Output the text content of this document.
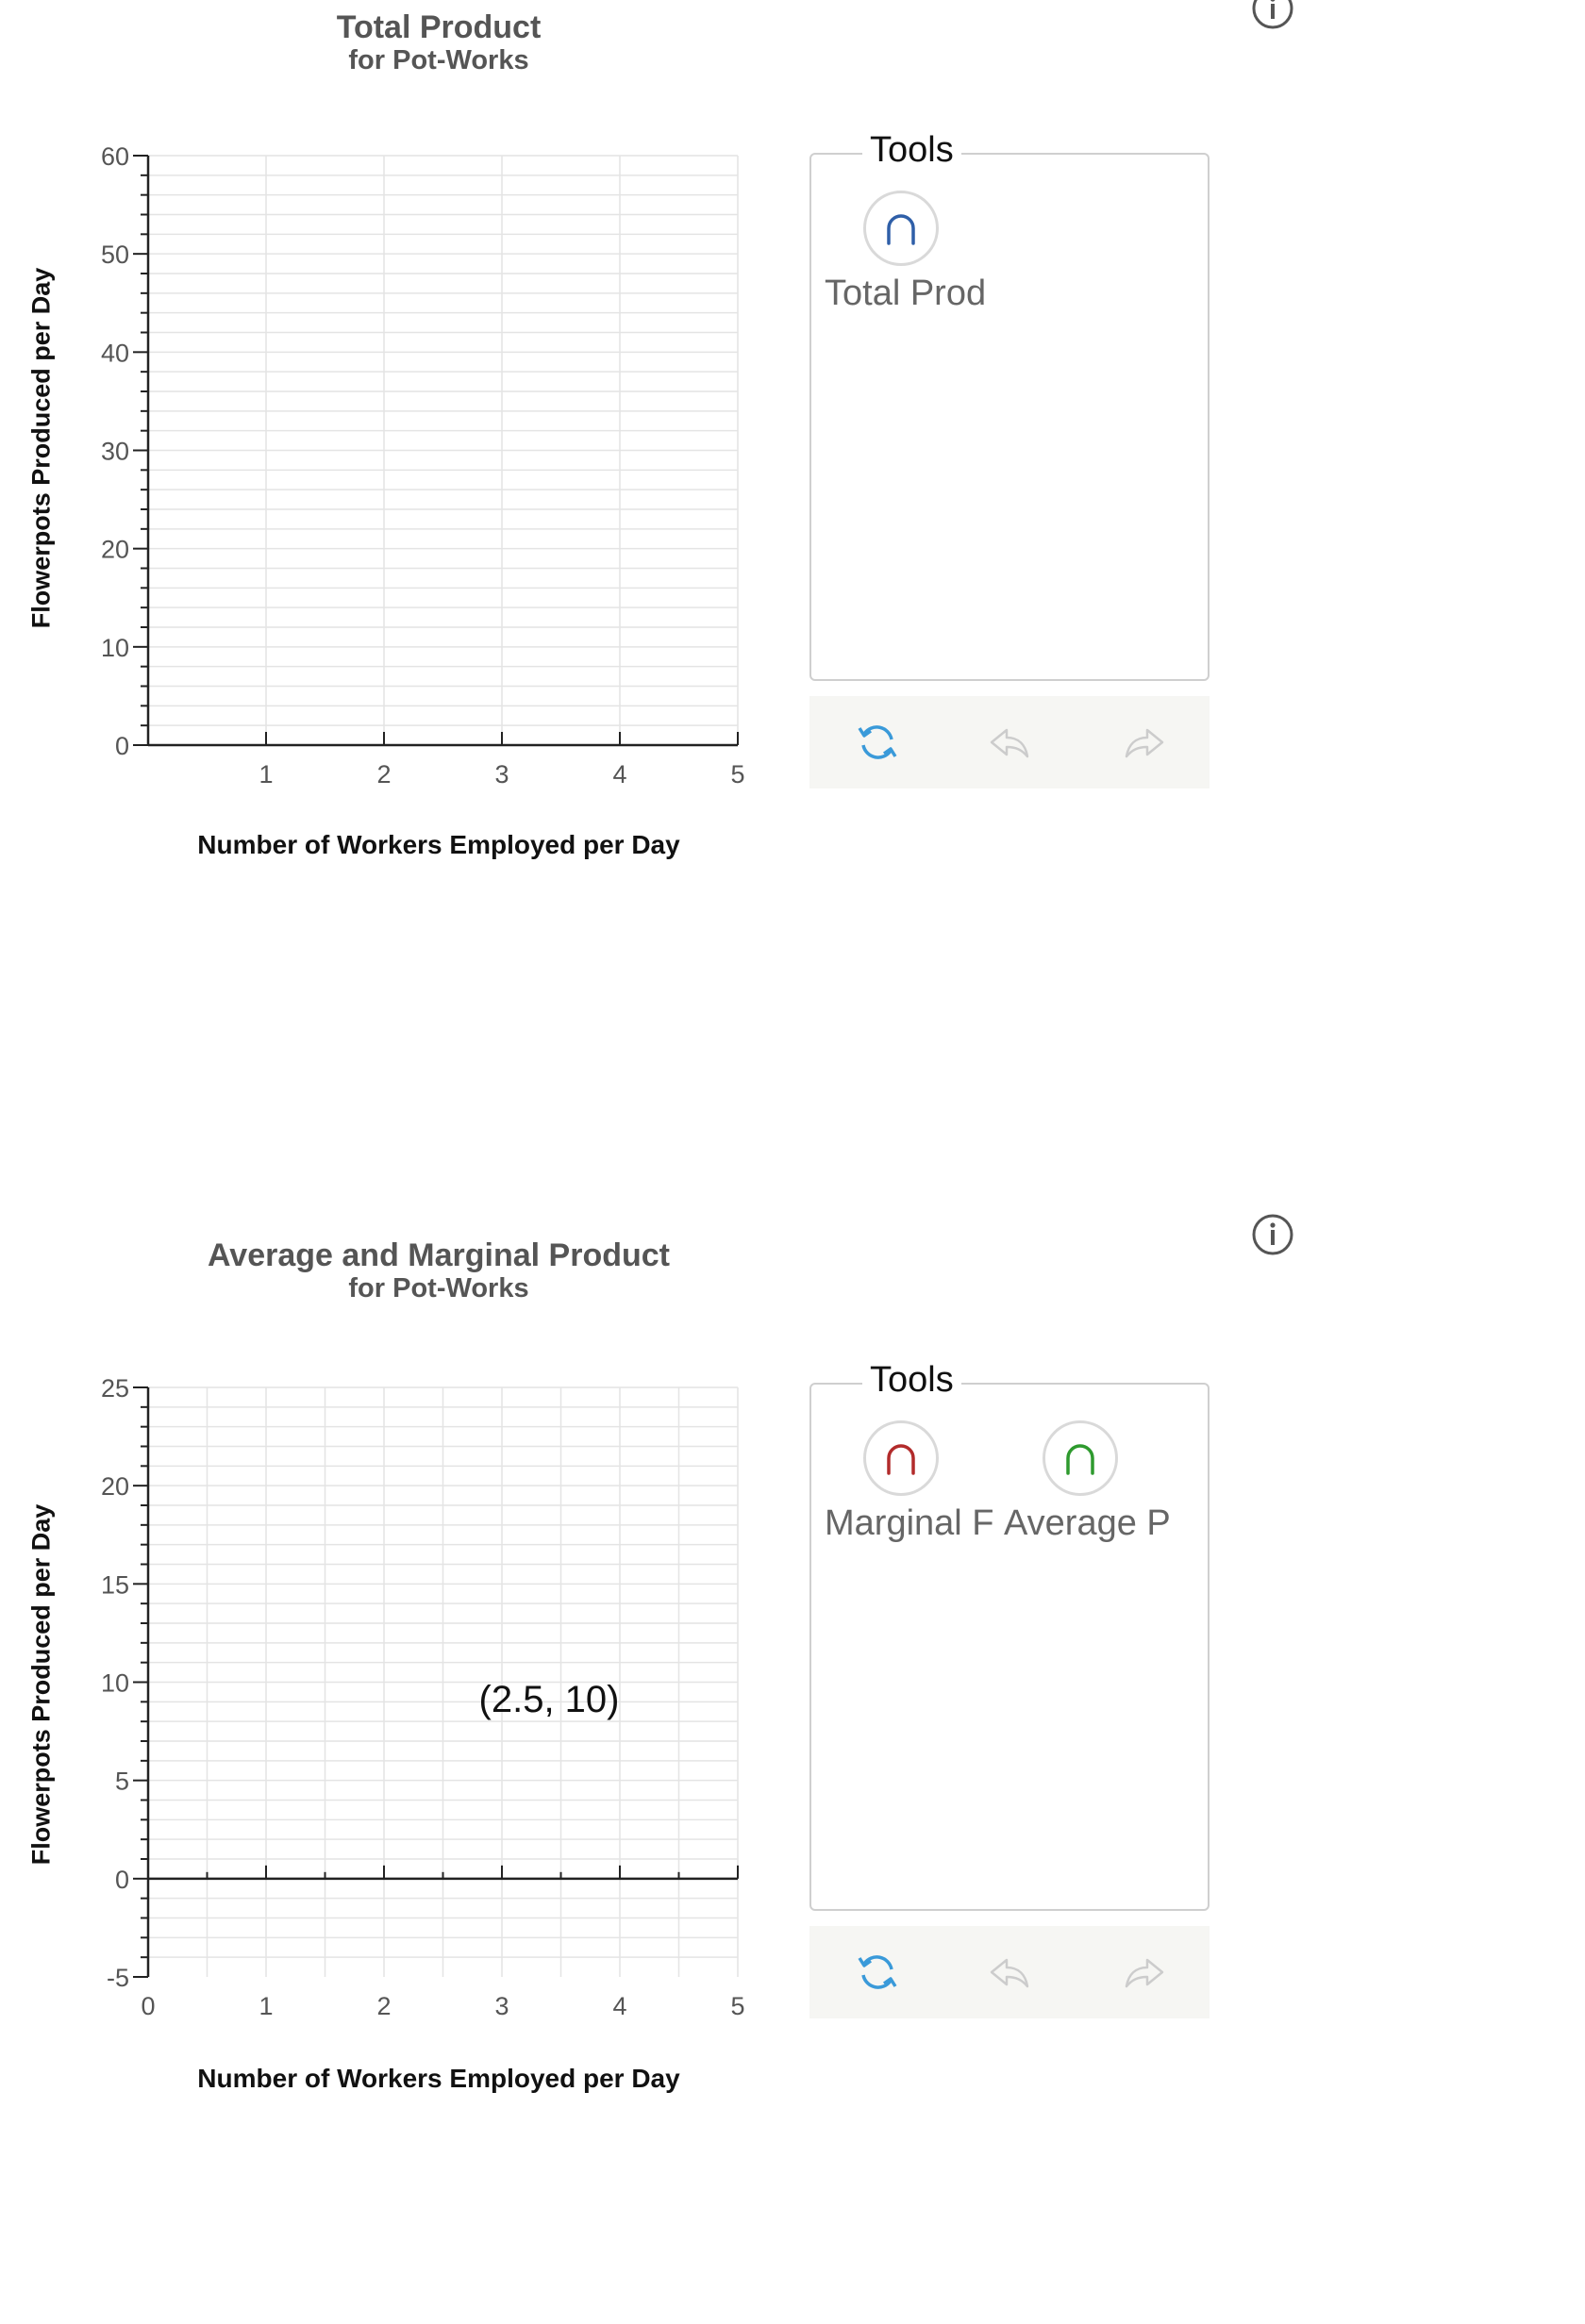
Total Product
for Pot-Works
0
10
20
30
40
50
60
1	2	3	4	5
Flowerpots Produced per Day
Number of Workers Employed per Day
Tools
Total Prod
Average and Marginal Product
for Pot-Works
-5
0
5
10
15
20
25
1	2	3	4	5
0
(2.5, 10)
Flowerpots Produced per Day
Number of Workers Employed per Day
Tools
Marginal F Average P
